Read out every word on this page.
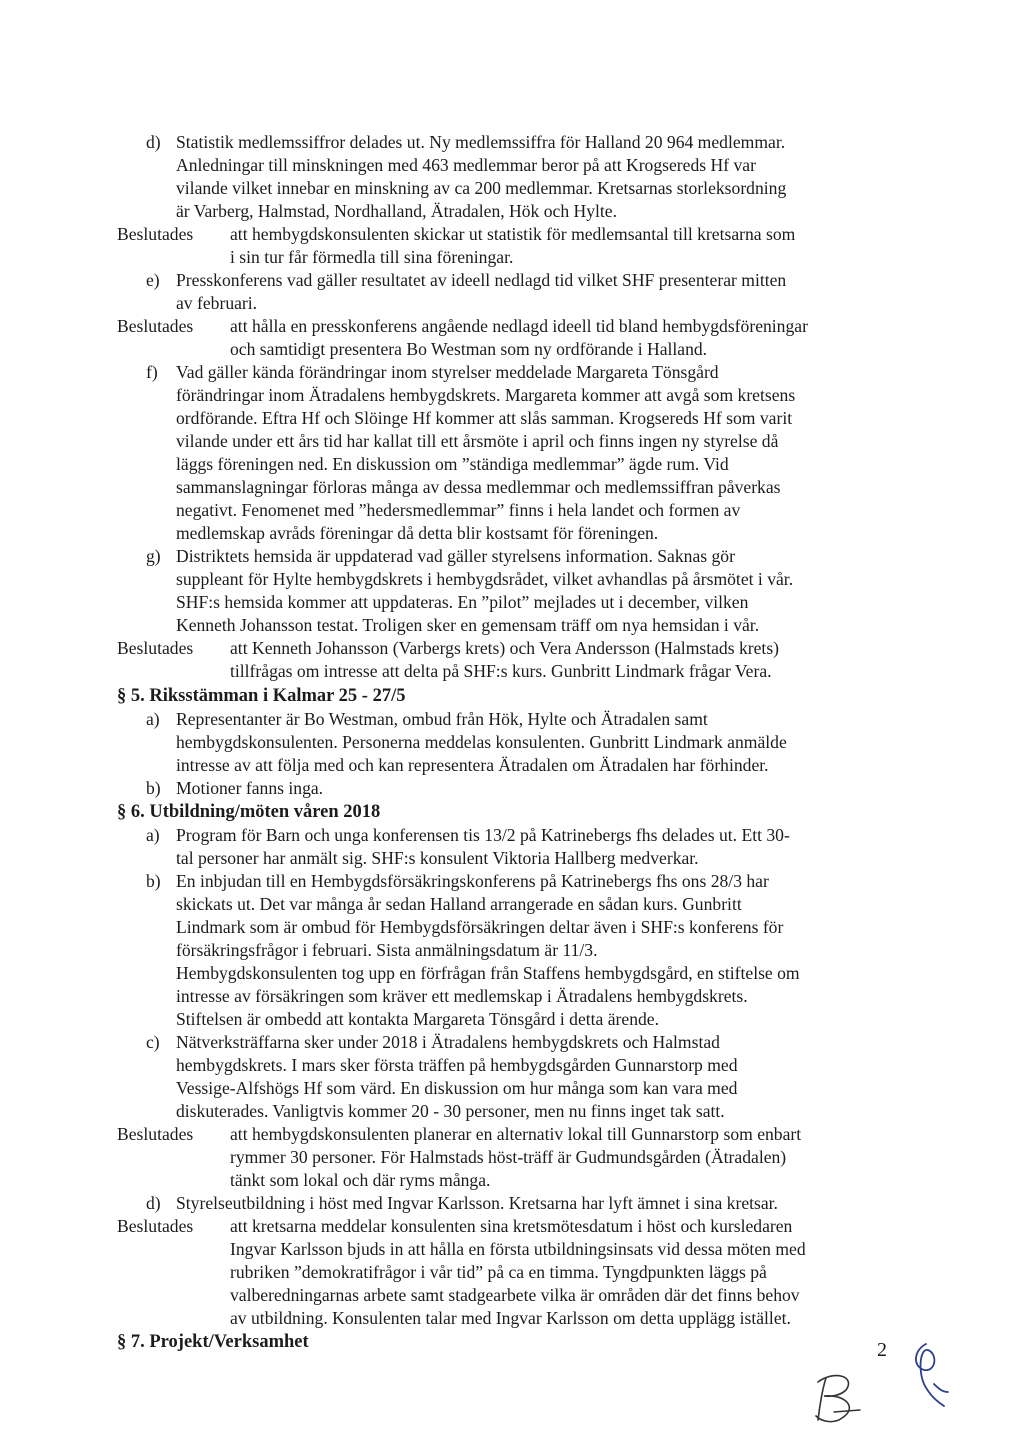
d) Statistik medlemssiffror delades ut. Ny medlemssiffra för Halland 20 964 medlemmar.
Anledningar till minskningen med 463 medlemmar beror på att Krogsereds Hf var
vilande vilket innebar en minskning av ca 200 medlemmar. Kretsarnas storleksordning
är Varberg, Halmstad, Nordhalland, Ätradalen, Hök och Hylte.
Beslutades att hembygdskonsulenten skickar ut statistik för medlemsantal till kretsarna som
i sin tur får förmedla till sina föreningar.
e) Presskonferens vad gäller resultatet av ideell nedlagd tid vilket SHF presenterar mitten
av februari.
Beslutades att hålla en presskonferens angående nedlagd ideell tid bland hembygdsföreningar
och samtidigt presentera Bo Westman som ny ordförande i Halland.
f) Vad gäller kända förändringar inom styrelser meddelade Margareta Tönsgård
förändringar inom Ätradalens hembygdskrets. Margareta kommer att avgå som kretsens
ordförande. Eftra Hf och Slöinge Hf kommer att slås samman. Krogsereds Hf som varit
vilande under ett års tid har kallat till ett årsmöte i april och finns ingen ny styrelse då
läggs föreningen ned. En diskussion om ”ständiga medlemmar” ägde rum. Vid
sammanslagningar förloras många av dessa medlemmar och medlemssiffran påverkas
negativt. Fenomenet med ”hedersmedlemmar” finns i hela landet och formen av
medlemskap avråds föreningar då detta blir kostsamt för föreningen.
g) Distriktets hemsida är uppdaterad vad gäller styrelsens information. Saknas gör
suppleant för Hylte hembygdskrets i hembygdsrådet, vilket avhandlas på årsmötet i vår.
SHF:s hemsida kommer att uppdateras. En ”pilot” mejlades ut i december, vilken
Kenneth Johansson testat. Troligen sker en gemensam träff om nya hemsidan i vår.
Beslutades att Kenneth Johansson (Varbergs krets) och Vera Andersson (Halmstads krets)
tillfrågas om intresse att delta på SHF:s kurs. Gunbritt Lindmark frågar Vera.
§ 5. Riksstämman i Kalmar 25 - 27/5
a) Representanter är Bo Westman, ombud från Hök, Hylte och Ätradalen samt
hembygdskonsulenten. Personerna meddelas konsulenten. Gunbritt Lindmark anmälde
intresse av att följa med och kan representera Ätradalen om Ätradalen har förhinder.
b) Motioner fanns inga.
§ 6. Utbildning/möten våren 2018
a) Program för Barn och unga konferensen tis 13/2 på Katrinebergs fhs delades ut. Ett 30-
tal personer har anmält sig. SHF:s konsulent Viktoria Hallberg medverkar.
b) En inbjudan till en Hembygdsförsäkringskonferens på Katrinebergs fhs ons 28/3 har
skickats ut. Det var många år sedan Halland arrangerade en sådan kurs. Gunbritt
Lindmark som är ombud för Hembygdsförsäkringen deltar även i SHF:s konferens för
försäkringsfrågor i februari. Sista anmälningsdatum är 11/3.
Hembygdskonsulenten tog upp en förfrågan från Staffens hembygdsgård, en stiftelse om
intresse av försäkringen som kräver ett medlemskap i Ätradalens hembygdskrets.
Stiftelsen är ombedd att kontakta Margareta Tönsgård i detta ärende.
c) Nätverksträffarna sker under 2018 i Ätradalens hembygdskrets och Halmstad
hembygdskrets. I mars sker första träffen på hembygdsgården Gunnarstorp med
Vessige-Alfshögs Hf som värd. En diskussion om hur många som kan vara med
diskuterades. Vanligtvis kommer 20 - 30 personer, men nu finns inget tak satt.
Beslutades att hembygdskonsulenten planerar en alternativ lokal till Gunnarstorp som enbart
rymmer 30 personer. För Halmstads höst-träff är Gudmundsgården (Ätradalen)
tänkt som lokal och där ryms många.
d) Styrelseutbildning i höst med Ingvar Karlsson. Kretsarna har lyft ämnet i sina kretsar.
Beslutades att kretsarna meddelar konsulenten sina kretsmötesdatum i höst och kursledaren
Ingvar Karlsson bjuds in att hålla en första utbildningsinsats vid dessa möten med
rubriken ”demokratifrågor i vår tid” på ca en timma. Tyngdpunkten läggs på
valberedningarnas arbete samt stadgearbete vilka är områden där det finns behov
av utbildning. Konsulenten talar med Ingvar Karlsson om detta upplägg istället.
§ 7. Projekt/Verksamhet	2
